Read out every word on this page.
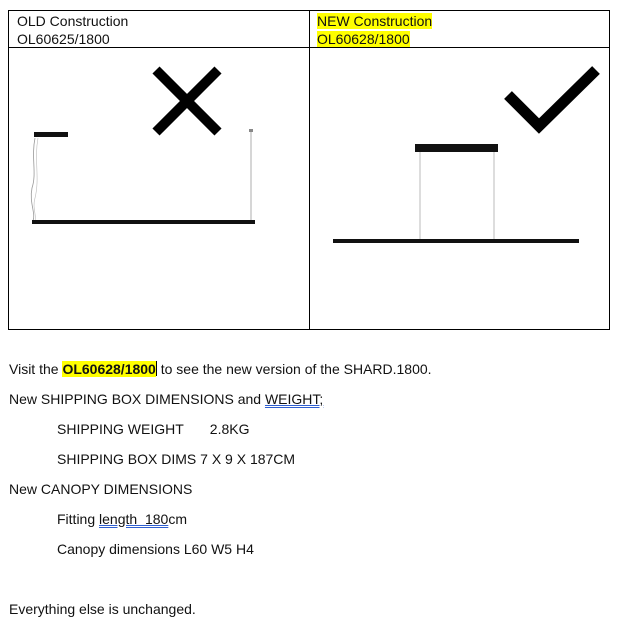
OLD Construction
OL60625/1800
NEW Construction
OL60628/1800
Visit the OL60628/1800 to see the new version of the SHARD.1800.
New SHIPPING BOX DIMENSIONS and WEIGHT;
SHIPPING WEIGHT 2.8KG
SHIPPING BOX DIMS 7 X 9 X 187CM
New CANOPY DIMENSIONS
Fitting length  180cm
Canopy dimensions L60 W5 H4
Everything else is unchanged.
